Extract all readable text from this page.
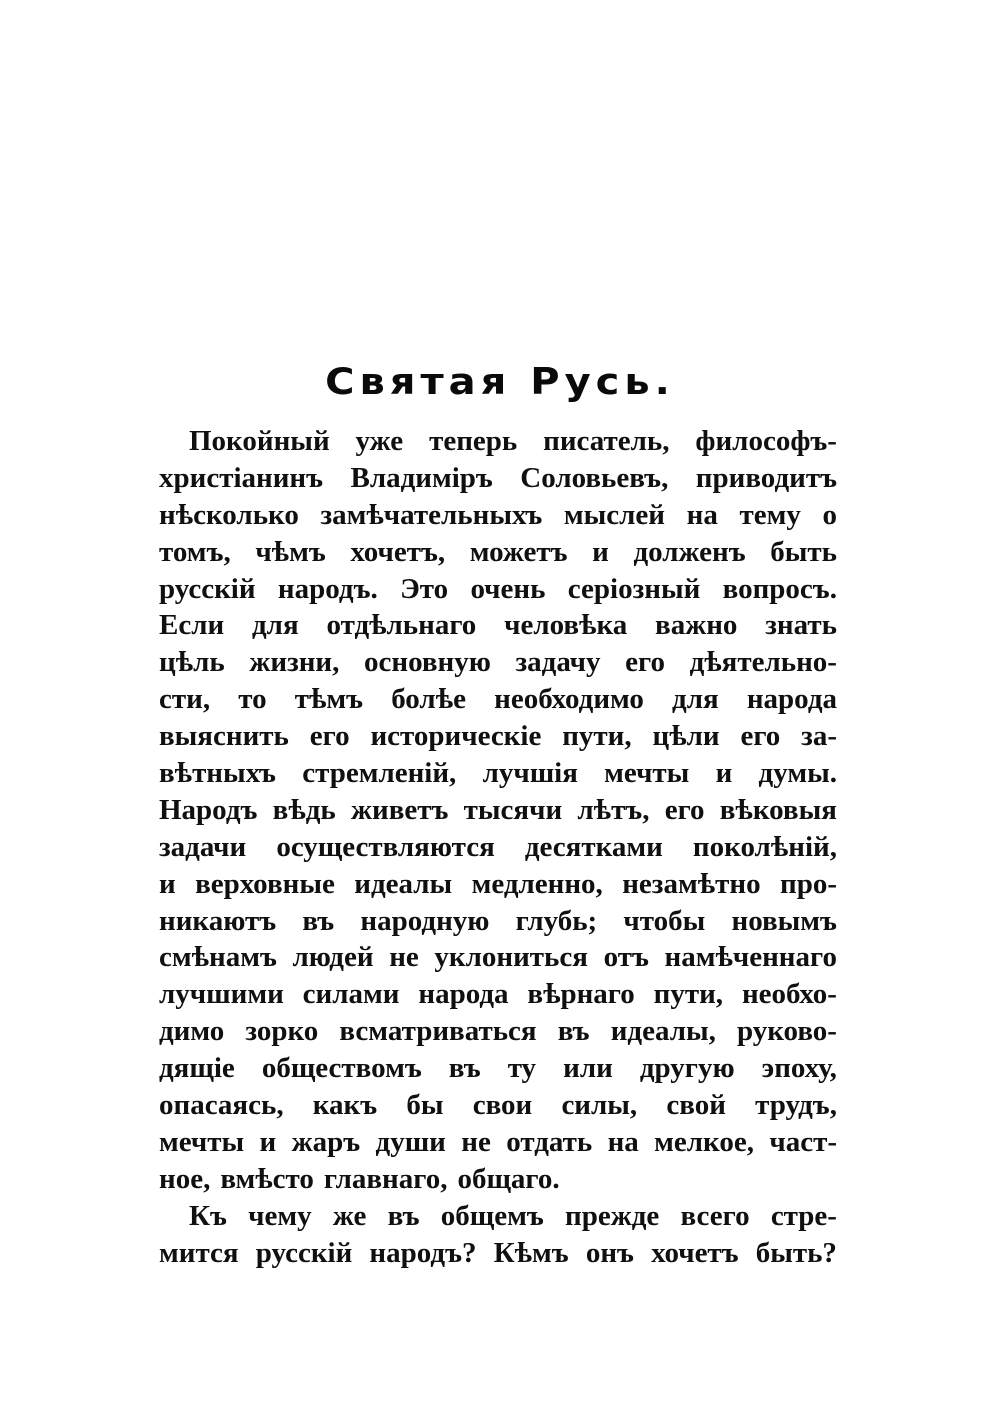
Святая Русь.
Покойный уже теперь писатель, философъ-
христіанинъ Владиміръ Соловьевъ, приводитъ
нѣсколько замѣчательныхъ мыслей на тему о
томъ, чѣмъ хочетъ, можетъ и долженъ быть
русскій народъ. Это очень серіозный вопросъ.
Если для отдѣльнаго человѣка важно знать
цѣль жизни, основную задачу его дѣятельно-
сти, то тѣмъ болѣе необходимо для народа
выяснить его историческіе пути, цѣли его за-
вѣтныхъ стремленій, лучшія мечты и думы.
Народъ вѣдь живетъ тысячи лѣтъ, его вѣковыя
задачи осуществляются десятками поколѣній,
и верховные идеалы медленно, незамѣтно про-
никаютъ въ народную глубь; чтобы новымъ
смѣнамъ людей не уклониться отъ намѣченнаго
лучшими силами народа вѣрнаго пути, необхо-
димо зорко всматриваться въ идеалы, руково-
дящіе обществомъ въ ту или другую эпоху,
опасаясь, какъ бы свои силы, свой трудъ,
мечты и жаръ души не отдать на мелкое, част-
ное, вмѣсто главнаго, общаго.
Къ чему же въ общемъ прежде всего стре-
мится русскій народъ? Кѣмъ онъ хочетъ быть?
